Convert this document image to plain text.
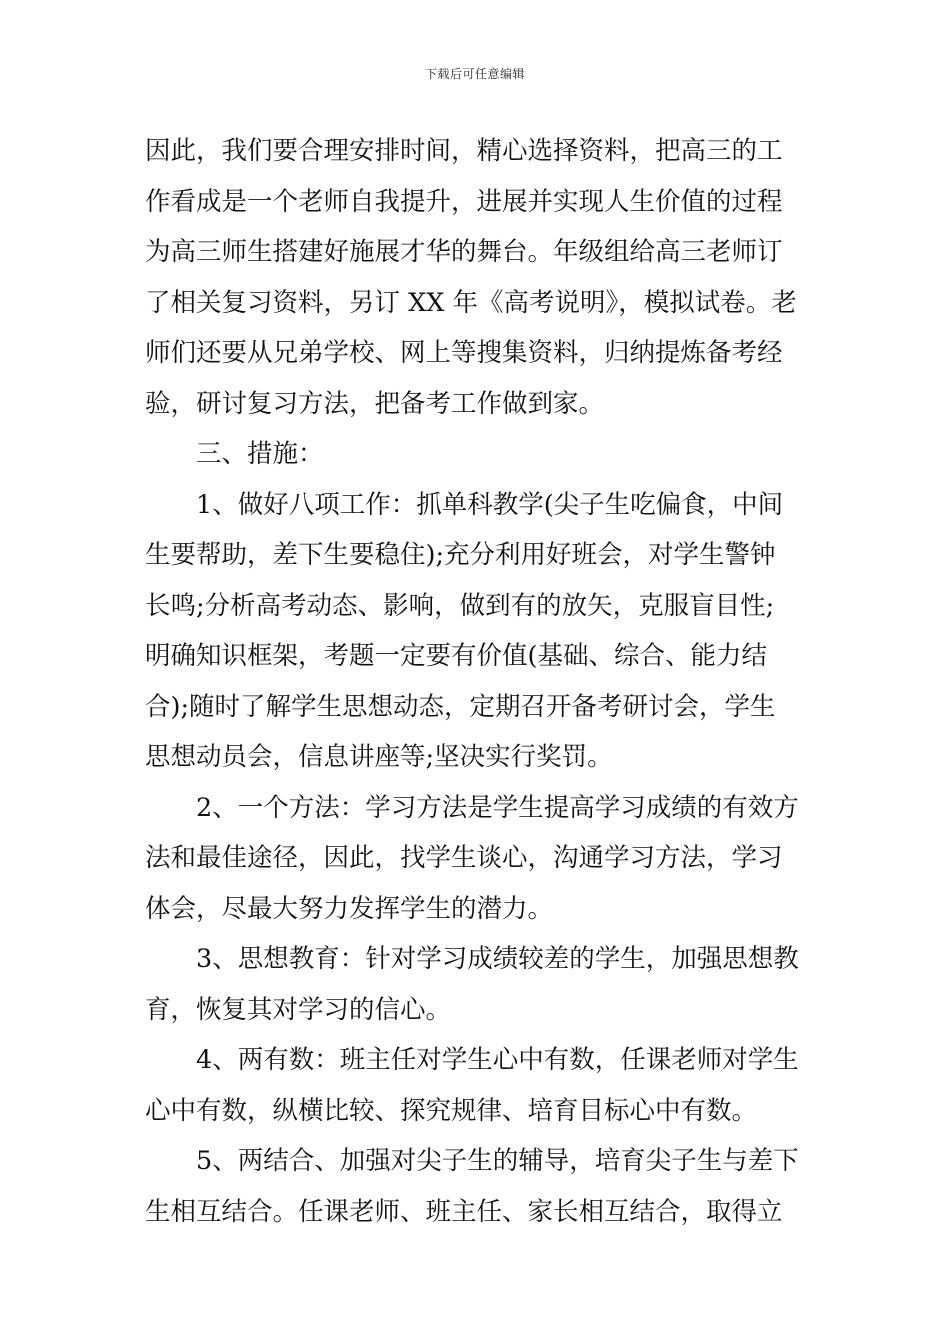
下载后可任意编辑
因此，我们要合理安排时间，精心选择资料，把高三的工
作看成是一个老师自我提升，进展并实现人生价值的过程
为高三师生搭建好施展才华的舞台。年级组给高三老师订
了相关复习资料，另订 XX 年《高考说明》，模拟试卷。老
师们还要从兄弟学校、网上等搜集资料，归纳提炼备考经
验，研讨复习方法，把备考工作做到家。
　　三、措施：
　　1、做好八项工作：抓单科教学(尖子生吃偏食，中间
生要帮助，差下生要稳住);充分利用好班会，对学生警钟
长鸣;分析高考动态、影响，做到有的放矢，克服盲目性;
明确知识框架，考题一定要有价值(基础、综合、能力结
合);随时了解学生思想动态，定期召开备考研讨会，学生
思想动员会，信息讲座等;坚决实行奖罚。
　　2、一个方法：学习方法是学生提高学习成绩的有效方
法和最佳途径，因此，找学生谈心，沟通学习方法，学习
体会，尽最大努力发挥学生的潜力。
　　3、思想教育：针对学习成绩较差的学生，加强思想教
育，恢复其对学习的信心。
　　4、两有数：班主任对学生心中有数，任课老师对学生
心中有数，纵横比较、探究规律、培育目标心中有数。
　　5、两结合、加强对尖子生的辅导，培育尖子生与差下
生相互结合。任课老师、班主任、家长相互结合，取得立
